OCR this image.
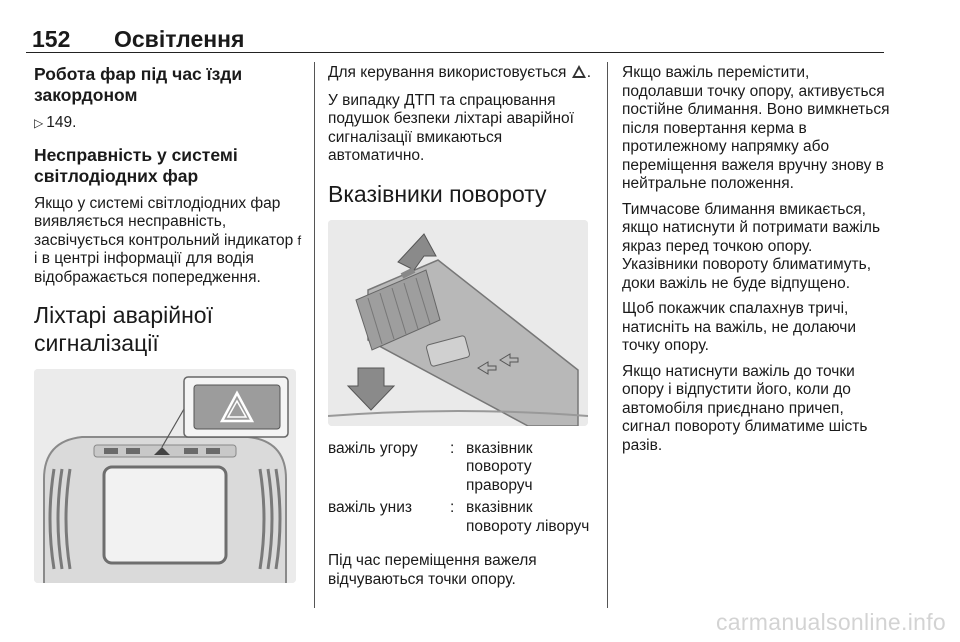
152 Освітлення
Робота фар під час їзди закордоном

▷ 149.

Несправність у системі світлодіодних фар

Якщо у системі світлодіодних фар виявляється несправність, засвічується контрольний індикатор f і в центрі інформації для водія відображається попередження.

Ліхтарі аварійної сигналізації

Для керування використовується .

У випадку ДТП та спрацювання подушок безпеки ліхтарі аварійної сигналізації вмикаються автоматично.

Вказівники повороту
важіль угору	:	вказівник повороту праворуч
важіль униз	:	вказівник повороту ліворуч

Під час переміщення важеля відчуваються точки опору.

Якщо важіль перемістити, подолавши точку опору, активується постійне блимання. Воно вимкнеться після повертання керма в протилежному напрямку або переміщення важеля вручну знову в нейтральне положення.

Тимчасове блимання вмикається, якщо натиснути й потримати важіль якраз перед точкою опору. Указівники повороту блиматимуть, доки важіль не буде відпущено.

Щоб покажчик спалахнув тричі, натисніть на важіль, не долаючи точку опору.

Якщо натиснути важіль до точки опору і відпустити його, коли до автомобіля приєднано причеп, сигнал повороту блиматиме шість разів.

carmanualsonline.info
